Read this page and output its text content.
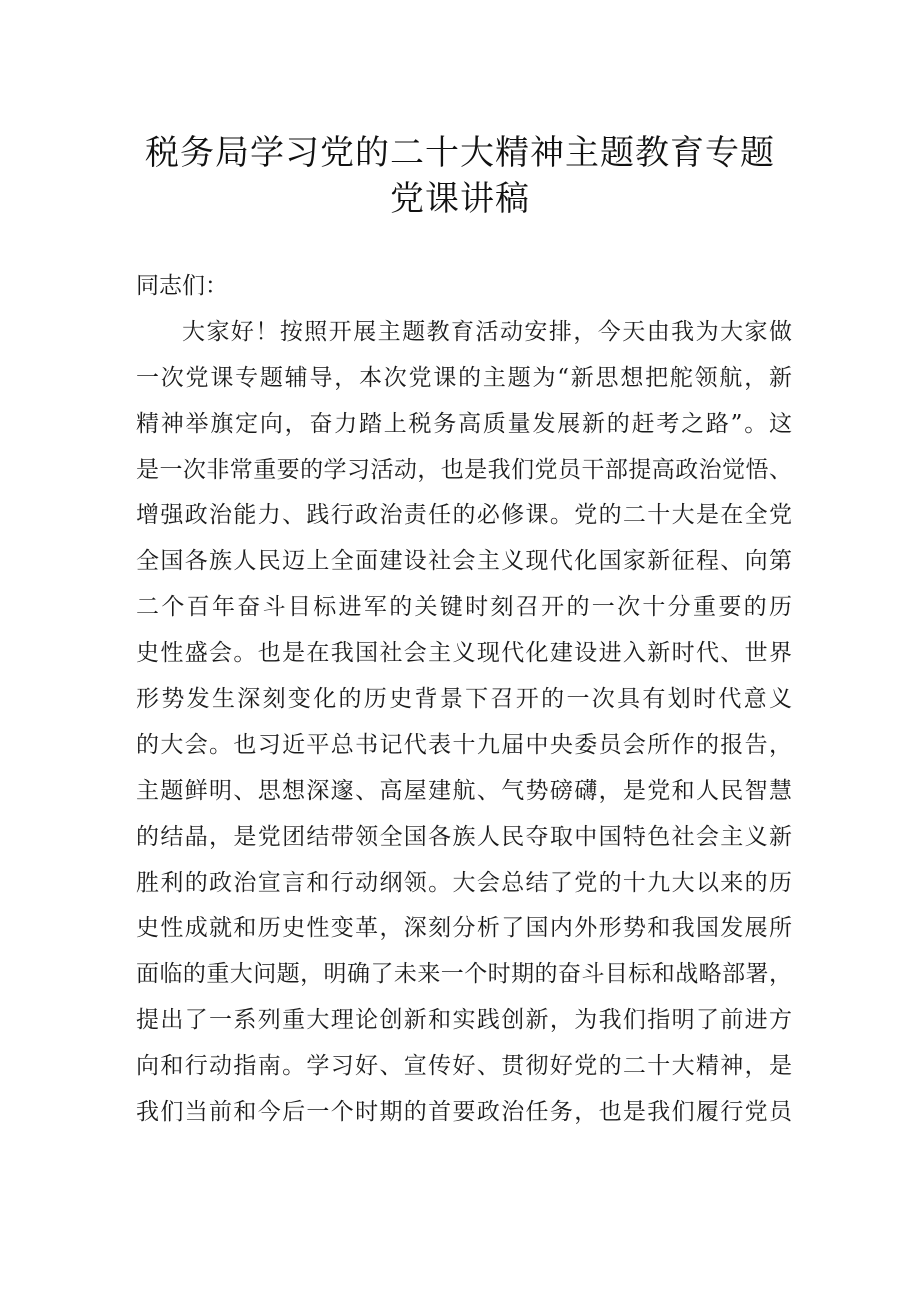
税务局学习党的二十大精神主题教育专题
党课讲稿
同志们：
大家好！按照开展主题教育活动安排，今天由我为大家做
一次党课专题辅导，本次党课的主题为“新思想把舵领航，新
精神举旗定向，奋力踏上税务高质量发展新的赶考之路”。这
是一次非常重要的学习活动，也是我们党员干部提高政治觉悟、
增强政治能力、践行政治责任的必修课。党的二十大是在全党
全国各族人民迈上全面建设社会主义现代化国家新征程、向第
二个百年奋斗目标进军的关键时刻召开的一次十分重要的历
史性盛会。也是在我国社会主义现代化建设进入新时代、世界
形势发生深刻变化的历史背景下召开的一次具有划时代意义
的大会。也习近平总书记代表十九届中央委员会所作的报告，
主题鲜明、思想深邃、高屋建航、气势磅礴，是党和人民智慧
的结晶，是党团结带领全国各族人民夺取中国特色社会主义新
胜利的政治宣言和行动纲领。大会总结了党的十九大以来的历
史性成就和历史性变革，深刻分析了国内外形势和我国发展所
面临的重大问题，明确了未来一个时期的奋斗目标和战略部署，
提出了一系列重大理论创新和实践创新，为我们指明了前进方
向和行动指南。学习好、宣传好、贯彻好党的二十大精神，是
我们当前和今后一个时期的首要政治任务，也是我们履行党员
